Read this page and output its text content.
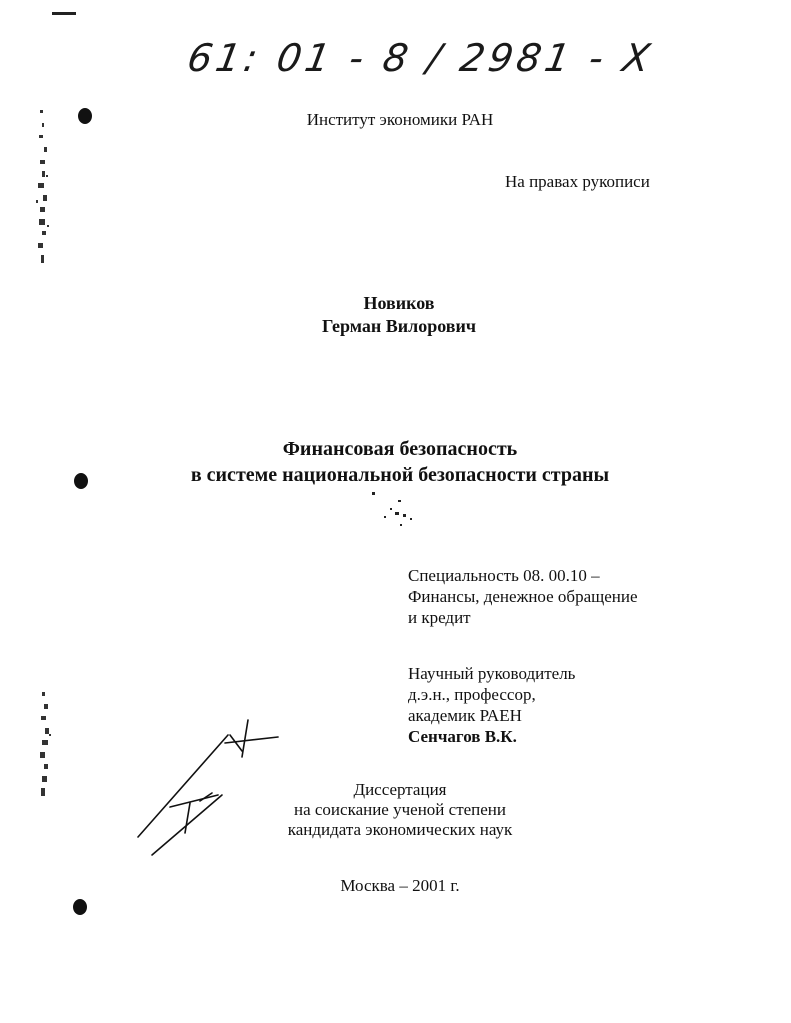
61: 01 - 8 / 2981 - X
Институт экономики РАН
На правах рукописи
Новиков
Герман Вилорович
Финансовая безопасность
в системе национальной безопасности страны
Специальность 08. 00.10 –
Финансы, денежное обращение
и кредит
Научный руководитель
д.э.н., профессор,
академик РАЕН
Сенчагов В.К.
Диссертация
на соискание ученой степени
кандидата экономических наук
Москва – 2001 г.
